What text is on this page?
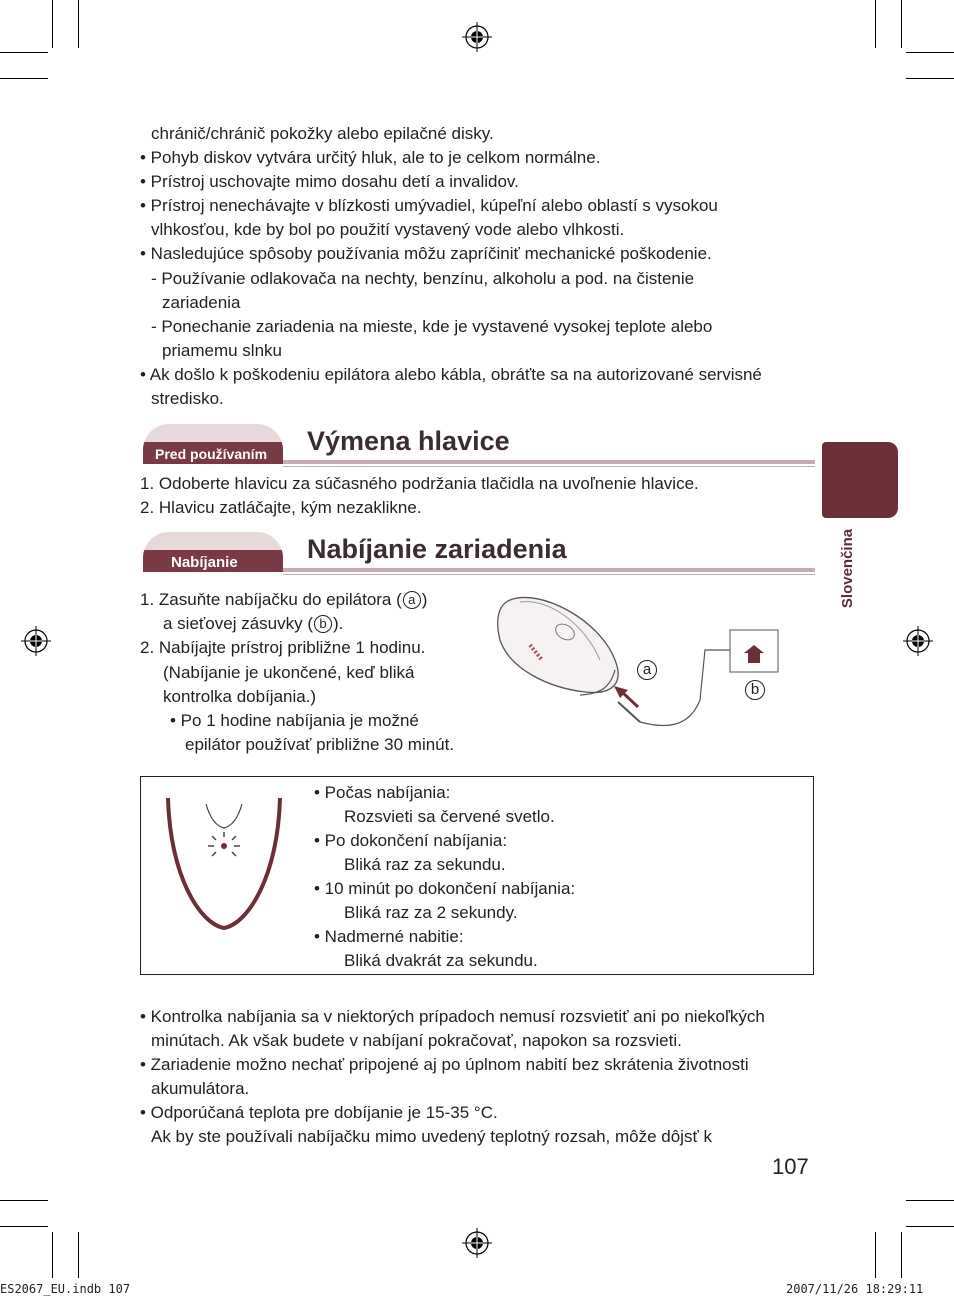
chránič/chránič pokožky alebo epilačné disky.
• Pohyb diskov vytvára určitý hluk, ale to je celkom normálne.
• Prístroj uschovajte mimo dosahu detí a invalidov.
• Prístroj nenechávajte v blízkosti umývadiel, kúpeľní alebo oblastí s vysokou
vlhkosťou, kde by bol po použití vystavený vode alebo vlhkosti.
• Nasledujúce spôsoby používania môžu zapríčiniť mechanické poškodenie.
- Používanie odlakovača na nechty, benzínu, alkoholu a pod. na čistenie
zariadenia
- Ponechanie zariadenia na mieste, kde je vystavené vysokej teplote alebo
priamemu slnku
• Ak došlo k poškodeniu epilátora alebo kábla, obráťte sa na autorizované servisné
stredisko.
Pred používaním Výmena hlavice
1. Odoberte hlavicu za súčasného podržania tlačidla na uvoľnenie hlavice.
2. Hlavicu zatláčajte, kým nezaklikne.
Nabíjanie	Nabíjanie zariadenia
1. Zasuňte nabíjačku do epilátora ( a )
a sieťovej zásuvky ( b ).
2. Nabíjajte prístroj približne 1 hodinu.
(Nabíjanie je ukončené, keď bliká
kontrolka dobíjania.)
• Po 1 hodine nabíjania je možné
epilátor používať približne 30 minút.
a
b
• Počas nabíjania:
Rozsvieti sa červené svetlo.
• Po dokončení nabíjania:
Bliká raz za sekundu.
• 10 minút po dokončení nabíjania:
Bliká raz za 2 sekundy.
• Nadmerné nabitie:
Bliká dvakrát za sekundu.
• Kontrolka nabíjania sa v niektorých prípadoch nemusí rozsvietiť ani po niekoľkých
minútach. Ak však budete v nabíjaní pokračovať, napokon sa rozsvieti.
• Zariadenie možno nechať pripojené aj po úplnom nabití bez skrátenia životnosti
akumulátora.
• Odporúčaná teplota pre dobíjanie je 15-35 °C.
Ak by ste používali nabíjačku mimo uvedený teplotný rozsah, môže dôjsť k
Slovenčina
107
ES2067_EU.indb 107	2007/11/26 18:29:11
